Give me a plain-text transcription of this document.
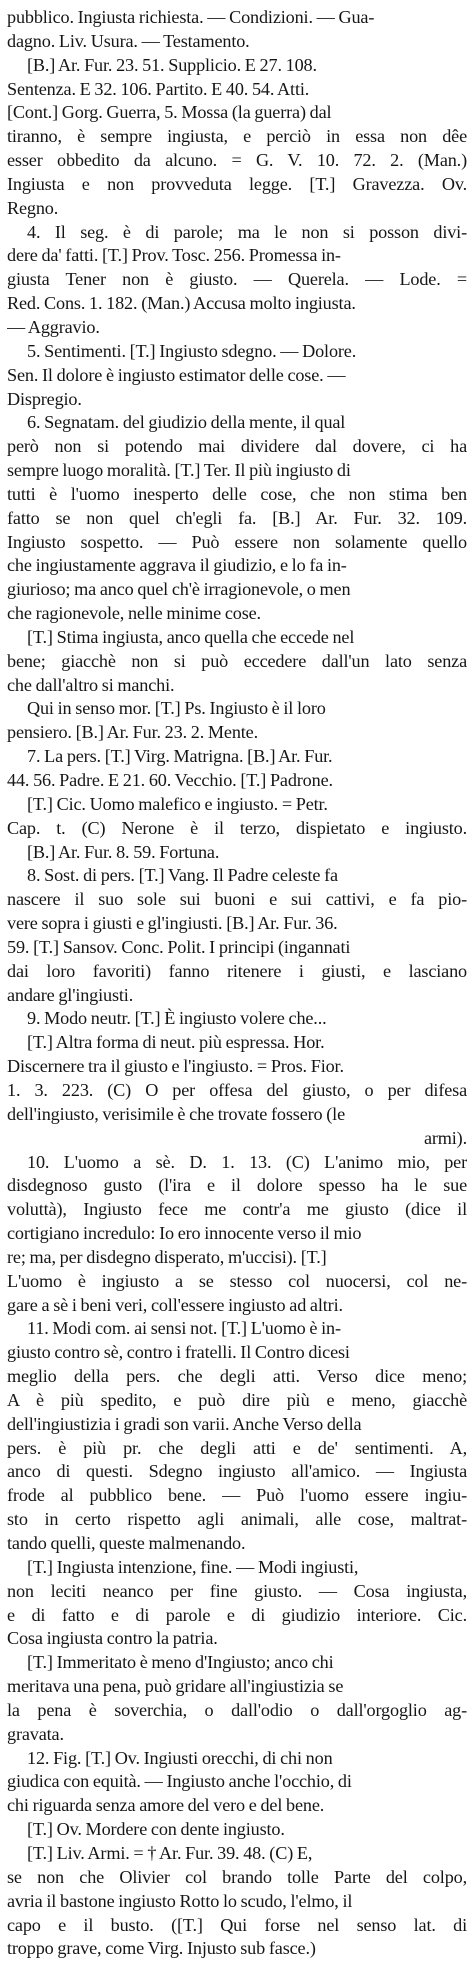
pubblico. Ingiusta richiesta. — Condizioni. — Gua-
dagno. Liv. Usura. — Testamento.
[B.] Ar. Fur. 23. 51. Supplicio. E 27. 108.
Sentenza. E 32. 106. Partito. E 40. 54. Atti.
[Cont.] Gorg. Guerra, 5. Mossa (la guerra) dal
tiranno, è sempre ingiusta, e perciò in essa non dêe
esser obbedito da alcuno. = G. V. 10. 72. 2. (Man.)
Ingiusta e non provveduta legge. [T.] Gravezza. Ov.
Regno.
4. Il seg. è di parole; ma le non si posson divi-
dere da' fatti. [T.] Prov. Tosc. 256. Promessa in-
giusta Tener non è giusto. — Querela. — Lode. =
Red. Cons. 1. 182. (Man.) Accusa molto ingiusta.
— Aggravio.
5. Sentimenti. [T.] Ingiusto sdegno. — Dolore.
Sen. Il dolore è ingiusto estimator delle cose. —
Dispregio.
6. Segnatam. del giudizio della mente, il qual
però non si potendo mai dividere dal dovere, ci ha
sempre luogo moralità. [T.] Ter. Il più ingiusto di
tutti è l'uomo inesperto delle cose, che non stima ben
fatto se non quel ch'egli fa. [B.] Ar. Fur. 32. 109.
Ingiusto sospetto. — Può essere non solamente quello
che ingiustamente aggrava il giudizio, e lo fa in-
giurioso; ma anco quel ch'è irragionevole, o men
che ragionevole, nelle minime cose.
[T.] Stima ingiusta, anco quella che eccede nel
bene; giacchè non si può eccedere dall'un lato senza
che dall'altro si manchi.
Qui in senso mor. [T.] Ps. Ingiusto è il loro
pensiero. [B.] Ar. Fur. 23. 2. Mente.
7. La pers. [T.] Virg. Matrigna. [B.] Ar. Fur.
44. 56. Padre. E 21. 60. Vecchio. [T.] Padrone.
[T.] Cic. Uomo malefico e ingiusto. = Petr.
Cap. t. (C) Nerone è il terzo, dispietato e ingiusto.
[B.] Ar. Fur. 8. 59. Fortuna.
8. Sost. di pers. [T.] Vang. Il Padre celeste fa
nascere il suo sole sui buoni e sui cattivi, e fa pio-
vere sopra i giusti e gl'ingiusti. [B.] Ar. Fur. 36.
59. [T.] Sansov. Conc. Polit. I principi (ingannati
dai loro favoriti) fanno ritenere i giusti, e lasciano
andare gl'ingiusti.
9. Modo neutr. [T.] È ingiusto volere che...
[T.] Altra forma di neut. più espressa. Hor.
Discernere tra il giusto e l'ingiusto. = Pros. Fior.
1. 3. 223. (C) O per offesa del giusto, o per difesa
dell'ingiusto, verisimile è che trovate fossero (le
armi).
10. L'uomo a sè. D. 1. 13. (C) L'animo mio, per
disdegnoso gusto (l'ira e il dolore spesso ha le sue
voluttà), Ingiusto fece me contr'a me giusto (dice il
cortigiano incredulo: Io ero innocente verso il mio
re; ma, per disdegno disperato, m'uccisi). [T.]
L'uomo è ingiusto a se stesso col nuocersi, col ne-
gare a sè i beni veri, coll'essere ingiusto ad altri.
11. Modi com. ai sensi not. [T.] L'uomo è in-
giusto contro sè, contro i fratelli. Il Contro dicesi
meglio della pers. che degli atti. Verso dice meno;
A è più spedito, e può dire più e meno, giacchè
dell'ingiustizia i gradi son varii. Anche Verso della
pers. è più pr. che degli atti e de' sentimenti. A,
anco di questi. Sdegno ingiusto all'amico. — Ingiusta
frode al pubblico bene. — Può l'uomo essere ingiu-
sto in certo rispetto agli animali, alle cose, maltrat-
tando quelli, queste malmenando.
[T.] Ingiusta intenzione, fine. — Modi ingiusti,
non leciti neanco per fine giusto. — Cosa ingiusta,
e di fatto e di parole e di giudizio interiore. Cic.
Cosa ingiusta contro la patria.
[T.] Immeritato è meno d'Ingiusto; anco chi
meritava una pena, può gridare all'ingiustizia se
la pena è soverchia, o dall'odio o dall'orgoglio ag-
gravata.
12. Fig. [T.] Ov. Ingiusti orecchi, di chi non
giudica con equità. — Ingiusto anche l'occhio, di
chi riguarda senza amore del vero e del bene.
[T.] Ov. Mordere con dente ingiusto.
[T.] Liv. Armi. = † Ar. Fur. 39. 48. (C) E,
se non che Olivier col brando tolle Parte del colpo,
avria il bastone ingiusto Rotto lo scudo, l'elmo, il
capo e il busto. ([T.] Qui forse nel senso lat. di
troppo grave, come Virg. Injusto sub fasce.)
